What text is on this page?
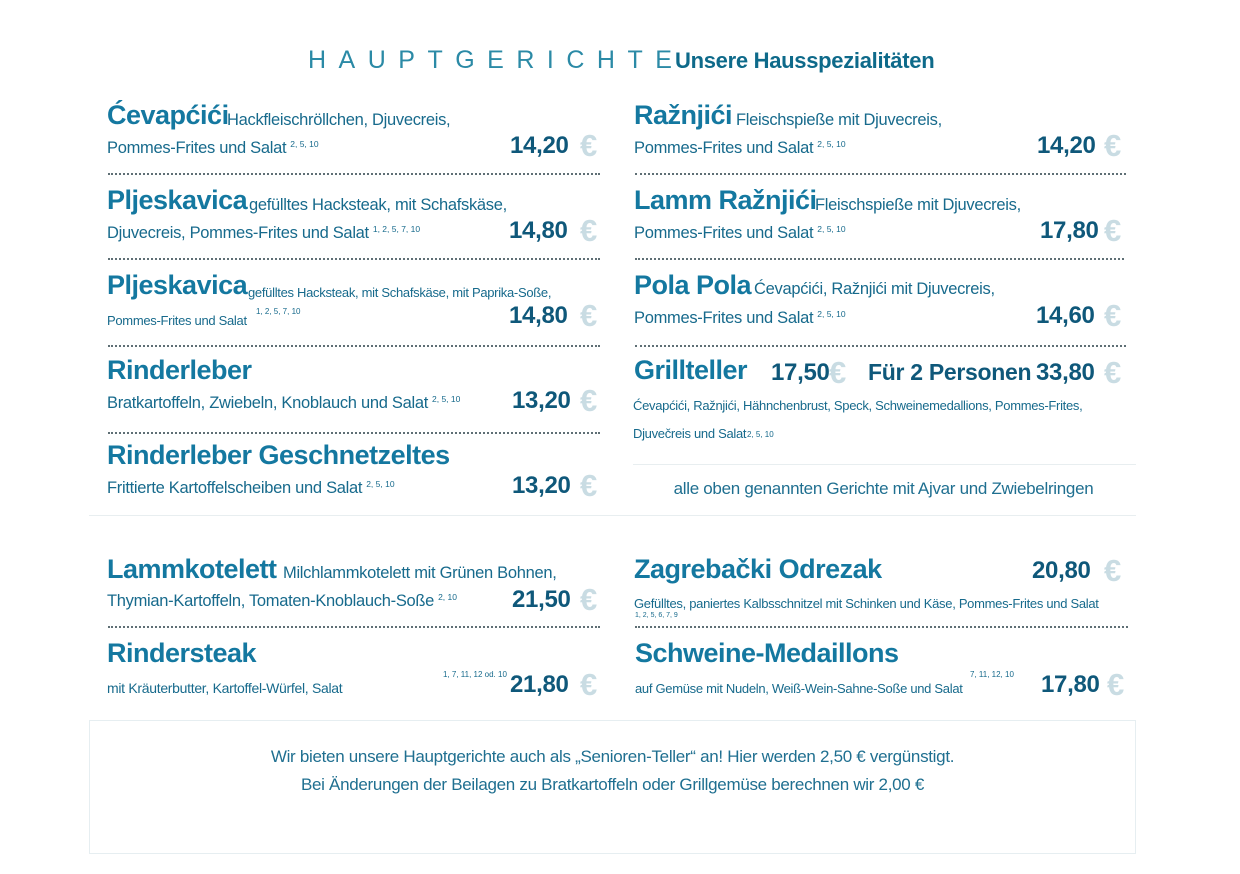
HAUPTGERICHTE
Unsere Hausspezialitäten
Ćevapćići
Hackfleischröllchen, Djuvecreis,
Pommes-Frites und Salat $^{2, 5, 10}$	14,20 €
Pljeskavica gefülltes Hacksteak, mit Schafskäse,
Djuvecreis, Pommes-Frites und Salat $^{1, 2, 5, 7, 10}$	14,80 €
Pljeskavica gefülltes Hacksteak, mit Schafskäse, mit Paprika-Soße,
Pommes-Frites und Salat
1, 2, 5, 7, 10	14,80 €
Rinderleber
Bratkartoffeln, Zwiebeln, Knoblauch und Salat $^{2, 5, 10}$ 13,20 €
Rinderleber Geschnetzeltes
Frittierte Kartoffelscheiben und Salat $^{2, 5, 10}$	13,20 €
Ražnjići Fleischspieße mit Djuvecreis,
Pommes-Frites und Salat $^{2, 5, 10}$	14,20 €
Lamm Ražnjići
Fleischspieße mit Djuvecreis,
Pommes-Frites und Salat $^{2, 5, 10}$	17,80 €
Pola Pola Ćevapćići, Ražnjići mit Djuvecreis,
Pommes-Frites und Salat $^{2, 5, 10}$	14,60 €
Grillteller 17,50 € Für 2 Personen 33,80 €
Ćevapćići, Ražnjići, Hähnchenbrust, Speck, Schweinemedallions, Pommes-Frites,
Djuvečreis und Salat 2, 5, 10
alle oben genannten Gerichte mit Ajvar und Zwiebelringen
Lammkotelett Milchlammkotelett mit Grünen Bohnen,
Thymian-Kartoffeln, Tomaten-Knoblauch-Soße $^{2, 10}$ 21,50 €
Rindersteak
mit Kräuterbutter, Kartoffel-Würfel, Salat
1, 7, 11, 12 od. 10 21,80 €
Zagrebački Odrezak	20,80 €
Gefülltes, paniertes Kalbsschnitzel mit Schinken und Käse, Pommes-Frites und Salat
1, 2, 5, 6, 7, 9
Schweine-Medaillons
auf Gemüse mit Nudeln, Weiß-Wein-Sahne-Soße und Salat
7, 11, 12, 10 17,80 €
Wir bieten unsere Hauptgerichte auch als „Senioren-Teller“ an! Hier werden 2,50 € vergünstigt.
Bei Änderungen der Beilagen zu Bratkartoffeln oder Grillgemüse berechnen wir 2,00 €
